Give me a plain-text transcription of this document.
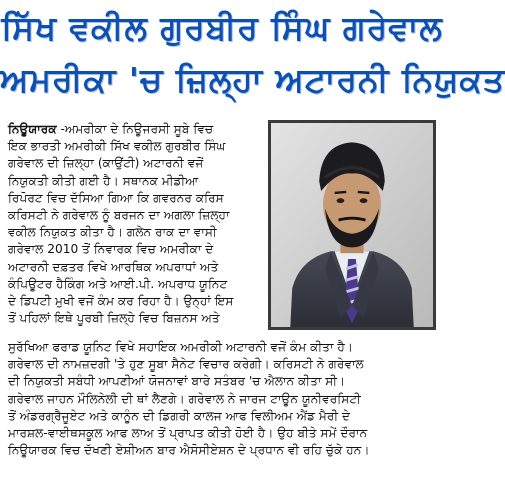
ਸਿੱਖ ਵਕੀਲ ਗੁਰਬੀਰ ਸਿੰਘ ਗਰੇਵਾਲ
ਅਮਰੀਕਾ 'ਚ ਜ਼ਿਲ੍ਹਾ ਅਟਾਰਨੀ ਨਿਯੁਕਤ
ਨਿਊਯਾਰਕ -ਅਮਰੀਕਾ ਦੇ ਨਿਊਜਰਸੀ ਸੂਬੇ ਵਿਚ
ਇਕ ਭਾਰਤੀ ਅਮਰੀਕੀ ਸਿੱਖ ਵਕੀਲ ਗੁਰਬੀਰ ਸਿੰਘ
ਗਰੇਵਾਲ ਦੀ ਜ਼ਿਲ੍ਹਾ (ਕਾਉਂਟੀ) ਅਟਾਰਨੀ ਵਜੋਂ
ਨਿਯੁਕਤੀ ਕੀਤੀ ਗਈ ਹੈ। ਸਥਾਨਕ ਮੀਡੀਆ
ਰਿਪੋਰਟ ਵਿਚ ਦੱਸਿਆ ਗਿਆ ਕਿ ਗਵਰਨਰ ਕਰਿਸ
ਕਰਿਸਟੀ ਨੇ ਗਰੇਵਾਲ ਨੂੰ ਬਰਜਨ ਦਾ ਅਗਲਾ ਜ਼ਿਲ੍ਹਾ
ਵਕੀਲ ਨਿਯੁਕਤ ਕੀਤਾ ਹੈ। ਗਲੇਨ ਰਾਕ ਦਾ ਵਾਸੀ
ਗਰੇਵਾਲ 2010 ਤੋਂ ਨਿਵਾਰਕ ਵਿਚ ਅਮਰੀਕਾ ਦੇ
ਅਟਾਰਨੀ ਦਫ਼ਤਰ ਵਿਖੇ ਆਰਥਿਕ ਅਪਰਾਧਾਂ ਅਤੇ
ਕੰਪਿਊਟਰ ਹੈਕਿੰਗ ਅਤੇ ਆਈ.ਪੀ. ਅਪਰਾਧ ਯੂਨਿਟ
ਦੇ ਡਿਪਟੀ ਮੁਖੀ ਵਜੋਂ ਕੰਮ ਕਰ ਰਿਹਾ ਹੈ। ਉਨ੍ਹਾਂ ਇਸ
ਤੋਂ ਪਹਿਲਾਂ ਇਥੇ ਪੂਰਬੀ ਜ਼ਿਲ੍ਹੇ ਵਿਚ ਬਿਜ਼ਨਸ ਅਤੇ
ਸੁਰੱਖਿਆ ਫਰਾਡ ਯੂਨਿਟ ਵਿਖੇ ਸਹਾਇਕ ਅਮਰੀਕੀ ਅਟਾਰਨੀ ਵਜੋਂ ਕੰਮ ਕੀਤਾ ਹੈ।
ਗਰੇਵਾਲ ਦੀ ਨਾਮਜ਼ਦਗੀ 'ਤੇ ਹੁਣ ਸੂਬਾ ਸੈਨੇਟ ਵਿਚਾਰ ਕਰੇਗੀ। ਕਰਿਸਟੀ ਨੇ ਗਰੇਵਾਲ
ਦੀ ਨਿਯੁਕਤੀ ਸਬੰਧੀ ਆਪਣੀਆਂ ਯੋਜਨਾਵਾਂ ਬਾਰੇ ਸਤੰਬਰ 'ਚ ਐਲਾਨ ਕੀਤਾ ਸੀ।
ਗਰੇਵਾਲ ਜਾਹਨ ਮੌਲਿਨੇਲੀ ਦੀ ਥਾਂ ਲੈਣਗੇ। ਗਰੇਵਾਲ ਨੇ ਜਾਰਜ ਟਾਊਨ ਯੂਨੀਵਰਸਿਟੀ
ਤੋਂ ਅੰਡਰਗ੍ਰੈਜੂਏਟ ਅਤੇ ਕਾਨੂੰਨ ਦੀ ਡਿਗਰੀ ਕਾਲਜ ਆਫ ਵਿਲੀਅਮ ਐਂਡ ਮੈਰੀ ਦੇ
ਮਾਰਸ਼ਲ-ਵਾਈਥਸਕੂਲ ਆਫ ਲਾਅ ਤੋਂ ਪ੍ਰਾਪਤ ਕੀਤੀ ਹੋਈ ਹੈ। ਉਹ ਬੀਤੇ ਸਮੇਂ ਦੌਰਾਨ
ਨਿਊਯਾਰਕ ਵਿਚ ਦੱਖਣੀ ਏਸ਼ੀਅਨ ਬਾਰ ਐਸੋਸੀਏਸ਼ਨ ਦੇ ਪ੍ਰਧਾਨ ਵੀ ਰਹਿ ਚੁੱਕੇ ਹਨ।
